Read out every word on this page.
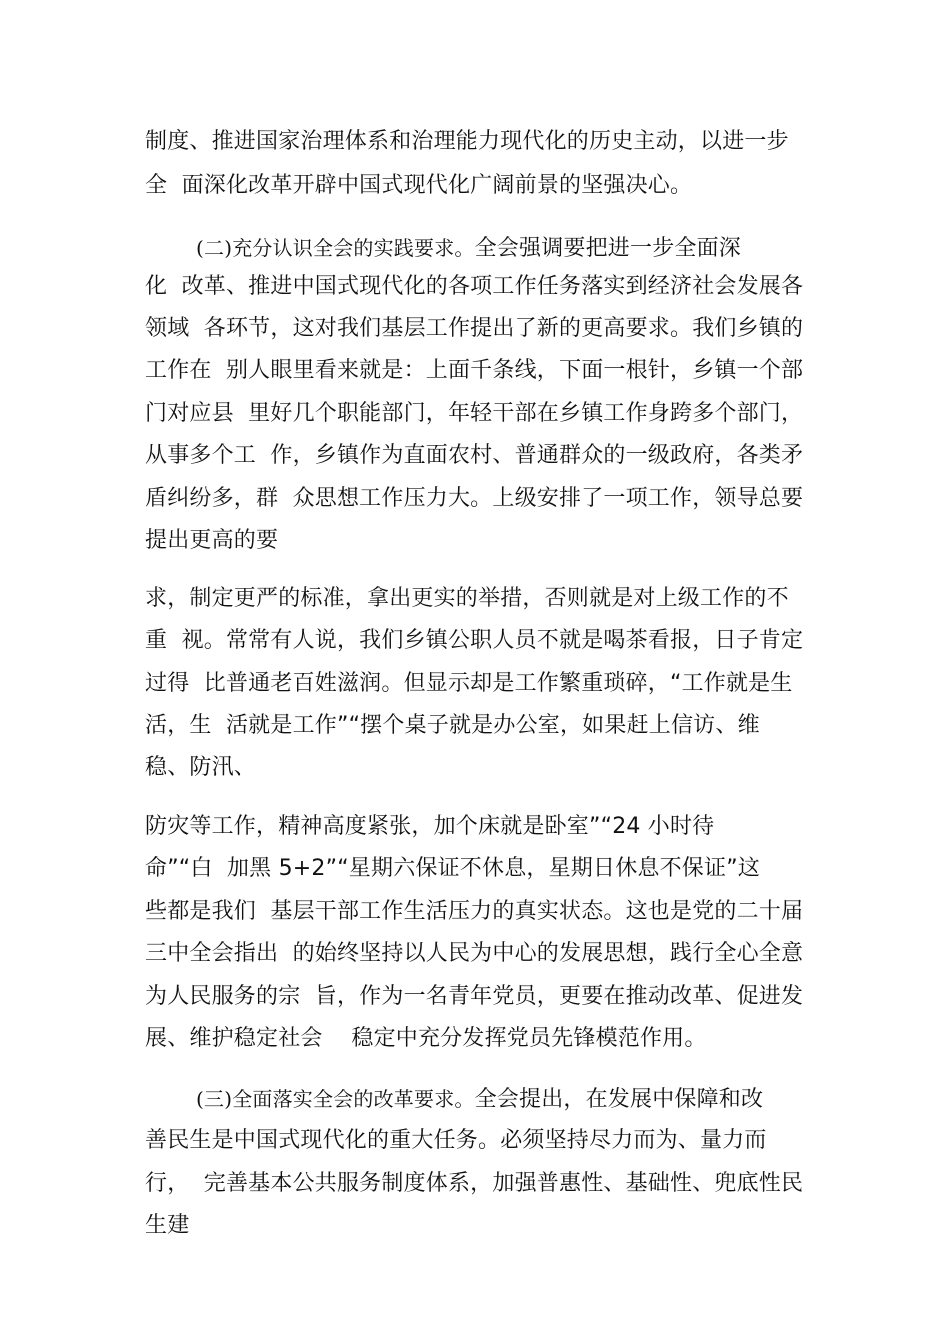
制度、推进国家治理体系和治理能力现代化的历史主动，以进一步
全  面深化改革开辟中国式现代化广阔前景的坚强决心。
(二)充分认识全会的实践要求。全会强调要把进一步全面深
化  改革、推进中国式现代化的各项工作任务落实到经济社会发展各
领域  各环节，这对我们基层工作提出了新的更高要求。我们乡镇的
工作在  别人眼里看来就是：上面千条线，下面一根针，乡镇一个部
门对应县  里好几个职能部门，年轻干部在乡镇工作身跨多个部门，
从事多个工  作，乡镇作为直面农村、普通群众的一级政府，各类矛
盾纠纷多，群  众思想工作压力大。上级安排了一项工作，领导总要
提出更高的要
求，制定更严的标准，拿出更实的举措，否则就是对上级工作的不
重  视。常常有人说，我们乡镇公职人员不就是喝茶看报，日子肯定
过得  比普通老百姓滋润。但显示却是工作繁重琐碎，“工作就是生
活，生  活就是工作”“摆个桌子就是办公室，如果赶上信访、维
稳、防汛、
防灾等工作，精神高度紧张，加个床就是卧室”“24 小时待
命”“白  加黑 5+2”“星期六保证不休息，星期日休息不保证”这
些都是我们  基层干部工作生活压力的真实状态。这也是党的二十届
三中全会指出  的始终坚持以人民为中心的发展思想，践行全心全意
为人民服务的宗  旨，作为一名青年党员，更要在推动改革、促进发
展、维护稳定社会    稳定中充分发挥党员先锋模范作用。
(三)全面落实全会的改革要求。全会提出，在发展中保障和改
善民生是中国式现代化的重大任务。必须坚持尽力而为、量力而
行，  完善基本公共服务制度体系，加强普惠性、基础性、兜底性民
生建
